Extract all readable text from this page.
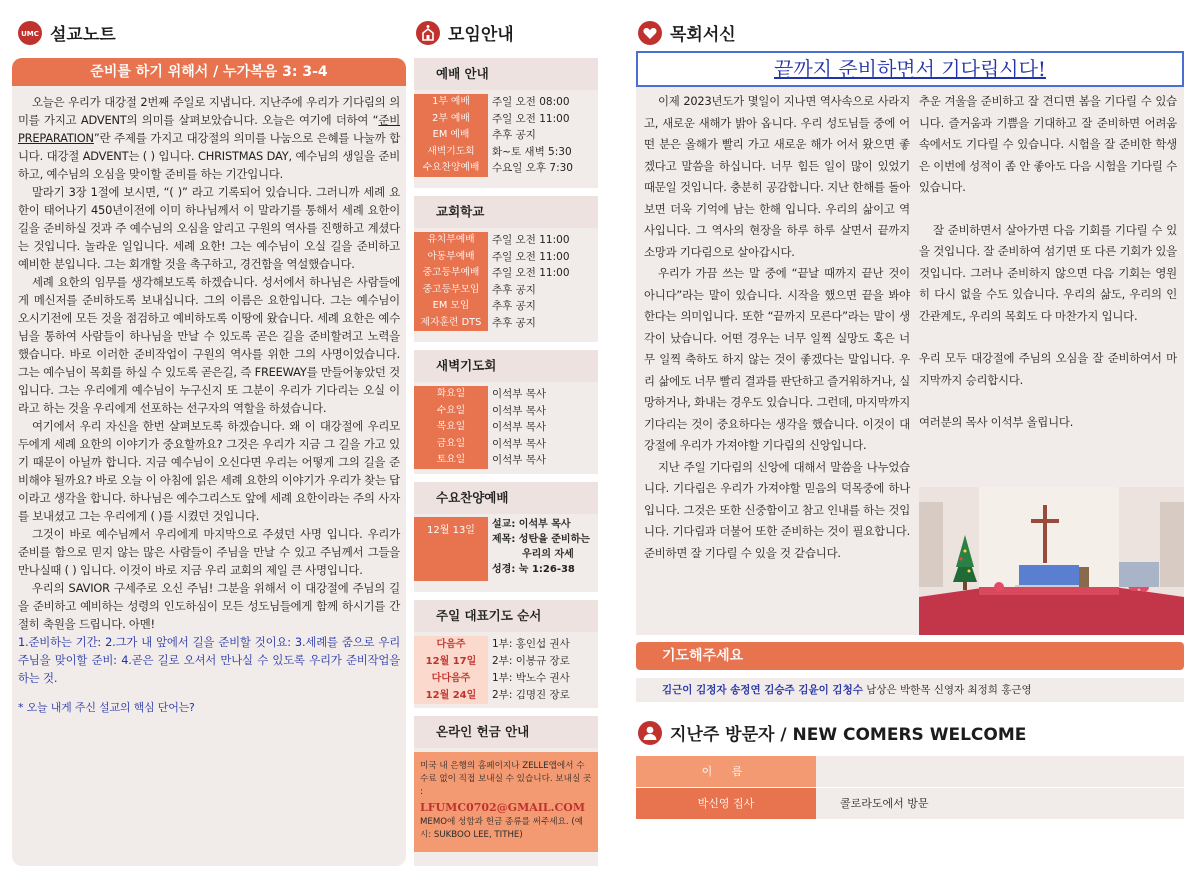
UMC 설교노트
준비를 하기 위해서 / 누가복음 3: 3-4

오늘은 우리가 대강절 2번째 주일로 지냅니다. 지난주에 우리가 기다림의 의미를 가지고 ADVENT의 의미를 살펴보았습니다. 오늘은 여기에 더하여 “준비 PREPARATION”란 주제를 가지고 대강절의 의미를 나눔으로 은혜를 나눌까 합니다. 대강절 ADVENT는 ( ) 입니다. CHRISTMAS DAY, 예수님의 생일을 준비하고, 예수님의 오심을 맞이할 준비를 하는 기간입니다.

말라기 3장 1절에 보시면, “( )” 라고 기록되어 있습니다. 그러니까 세례 요한이 태어나기 450년이전에 이미 하나님께서 이 말라기를 통해서 세례 요한이 길을 준비하실 것과 주 예수님의 오심을 알리고 구원의 역사를 진행하고 계셨다는 것입니다. 놀라운 일입니다. 세례 요한! 그는 예수님이 오실 길을 준비하고 예비한 분입니다. 그는 회개할 것을 촉구하고, 경건함을 역설했습니다.

세례 요한의 임무를 생각해보도록 하겠습니다. 성서에서 하나님은 사람들에게 메신저를 준비하도록 보내십니다. 그의 이름은 요한입니다. 그는 예수님이 오시기전에 모든 것을 점검하고 예비하도록 이땅에 왔습니다. 세례 요한은 예수님을 통하여 사람들이 하나님을 만날 수 있도록 곧은 길을 준비할려고 노력을 했습니다. 바로 이러한 준비작업이 구원의 역사를 위한 그의 사명이었습니다. 그는 예수님이 목회를 하실 수 있도록 곧은길, 즉 FREEWAY를 만들어놓았던 것입니다. 그는 우리에게 예수님이 누구신지 또 그분이 우리가 기다리는 오실 이라고 하는 것을 우리에게 선포하는 선구자의 역할을 하셨습니다.

여기에서 우리 자신을 한번 살펴보도록 하겠습니다. 왜 이 대강절에 우리모두에게 세례 요한의 이야기가 중요할까요? 그것은 우리가 지금 그 길을 가고 있기 때문이 아닐까 합니다. 지금 예수님이 오신다면 우리는 어떻게 그의 길을 준비해야 될까요? 바로 오늘 이 아침에 읽은 세례 요한의 이야기가 우리가 찾는 답이라고 생각을 합니다. 하나님은 예수그리스도 앞에 세례 요한이라는 주의 사자를 보내셨고 그는 우리에게 ( )를 시켰던 것입니다.

그것이 바로 예수님께서 우리에게 마지막으로 주셨던 사명 입니다. 우리가 준비를 함으로 믿지 않는 많은 사람들이 주님을 만날 수 있고 주님께서 그들을 만나실때 ( ) 입니다. 이것이 바로 지금 우리 교회의 제일 큰 사명입니다.

우리의 SAVIOR 구세주로 오신 주님! 그분을 위해서 이 대강절에 주님의 길을 준비하고 예비하는 성령의 인도하심이 모든 성도님들에게 함께 하시기를 간절히 축원을 드립니다. 아멘!

1.준비하는 기간: 2.그가 내 앞에서 길을 준비할 것이요: 3.세례를 줌으로 우리 주님을 맞이할 준비: 4.곧은 길로 오셔서 만나실 수 있도록 우리가 준비작업을 하는 것.

* 오늘 내게 주신 설교의 핵심 단어는?

모임안내
예배 안내
1부 예배	주일 오전 08:00
2부 예배	주일 오전 11:00
EM 예배	추후 공지
새벽기도회	화~토 새벽 5:30
수요찬양예배	수요일 오후 7:30
교회학교
유치부예배	주일 오전 11:00
아동부예배	주일 오전 11:00
중고등부예배	주일 오전 11:00
중고등부모임	추후 공지
EM 모임	추후 공지
제자훈련 DTS	추후 공지
새벽기도회
화요일	이석부 목사
수요일	이석부 목사
목요일	이석부 목사
금요일	이석부 목사
토요일	이석부 목사
수요찬양예배
12월 13일
설교: 이석부 목사
제목: 성탄을 준비하는
우리의 자세
성경: 눅 1:26-38
주일 대표기도 순서
다음주	1부: 홍인섭 권사
12월 17일	2부: 이봉규 장로
다다음주	1부: 박노수 권사
12월 24일	2부: 김명진 장로
온라인 헌금 안내
미국 내 은행의 홈페이지나 ZELLE앱에서 수수료 없이 직접 보내실 수 있습니다. 보내실 곳 :
LFUMC0702@GMAIL.COM
MEMO에 성함과 헌금 종류를 써주세요. (예시: SUKBOO LEE, TITHE)
목회서신
끝까지 준비하면서 기다립시다!

이제 2023년도가 몇일이 지나면 역사속으로 사라지고, 새로운 새해가 밝아 옵니다. 우리 성도님들 중에 어떤 분은 올해가 빨리 가고 새로운 해가 어서 왔으면 좋겠다고 말씀을 하십니다. 너무 힘든 일이 많이 있었기 때문일 것입니다. 충분히 공감합니다. 지난 한해를 돌아보면 더욱 기억에 남는 한해 입니다. 우리의 삶이고 역사입니다. 그 역사의 현장을 하루 하루 살면서 끝까지 소망과 기다림으로 살아갑시다.

우리가 가끔 쓰는 말 중에 “끝날 때까지 끝난 것이 아니다”라는 말이 있습니다. 시작을 했으면 끝을 봐야 한다는 의미입니다. 또한 “끝까지 모른다”라는 말이 생각이 났습니다. 어떤 경우는 너무 일찍 실망도 혹은 너무 일찍 축하도 하지 않는 것이 좋겠다는 말입니다. 우리 삶에도 너무 빨리 결과를 판단하고 즐거워하거나, 실망하거나, 화내는 경우도 있습니다. 그런데, 마지막까지 기다리는 것이 중요하다는 생각을 했습니다. 이것이 대강절에 우리가 가져야할 기다림의 신앙입니다.

지난 주일 기다림의 신앙에 대해서 말씀을 나누었습니다. 기다림은 우리가 가져야할 믿음의 덕목중에 하나 입니다. 그것은 또한 신중함이고 참고 인내를 하는 것입니다. 기다림과 더불어 또한 준비하는 것이 필요합니다. 준비하면 잘 기다릴 수 있을 것 같습니다.

추운 겨울을 준비하고 잘 견디면 봄을 기다릴 수 있습니다. 즐거움과 기쁨을 기대하고 잘 준비하면 어려움속에서도 기다릴 수 있습니다. 시험을 잘 준비한 학생은 이번에 성적이 좀 안 좋아도 다음 시험을 기다릴 수 있습니다.

잘 준비하면서 살아가면 다음 기회를 기다릴 수 있을 것입니다. 잘 준비하여 섬기면 또 다른 기회가 있을 것입니다. 그러나 준비하지 않으면 다음 기회는 영원히 다시 없을 수도 있습니다. 우리의 삶도, 우리의 인간관계도, 우리의 목회도 다 마찬가지 입니다.

우리 모두 대강절에 주님의 오심을 잘 준비하여서 마지막까지 승리합시다.

여러분의 목사 이석부 올립니다.

기도해주세요
김근이 김정자 송정연 김승주 김윤이 김청수 남상은 박한목 신영자 최정희 홍근영
지난주 방문자 / NEW COMERS WELCOME
이 름
박신영 집사	콜로라도에서 방문
